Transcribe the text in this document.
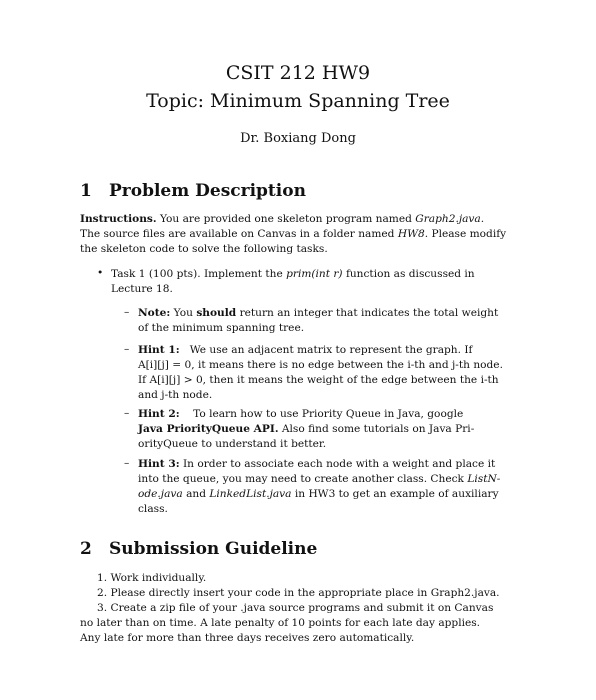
CSIT 212 HW9
Topic: Minimum Spanning Tree
Dr. Boxiang Dong
1 Problem Description
Instructions. You are provided one skeleton program named Graph2.java.
The source files are available on Canvas in a folder named HW8. Please modify
the skeleton code to solve the following tasks.
• Task 1 (100 pts). Implement the prim(int r) function as discussed in
Lecture 18.
– Note: You should return an integer that indicates the total weight
of the minimum spanning tree.
– Hint 1: We use an adjacent matrix to represent the graph. If
A[i][j] = 0, it means there is no edge between the i-th and j-th node.
If A[i][j] > 0, then it means the weight of the edge between the i-th
and j-th node.
– Hint 2: To learn how to use Priority Queue in Java, google
Java PriorityQueue API. Also find some tutorials on Java Pri-
orityQueue to understand it better.
– Hint 3: In order to associate each node with a weight and place it
into the queue, you may need to create another class. Check ListN-
ode.java and LinkedList.java in HW3 to get an example of auxiliary
class.
2 Submission Guideline
1. Work individually.
2. Please directly insert your code in the appropriate place in Graph2.java.
3. Create a zip file of your .java source programs and submit it on Canvas
no later than on time. A late penalty of 10 points for each late day applies.
Any late for more than three days receives zero automatically.
